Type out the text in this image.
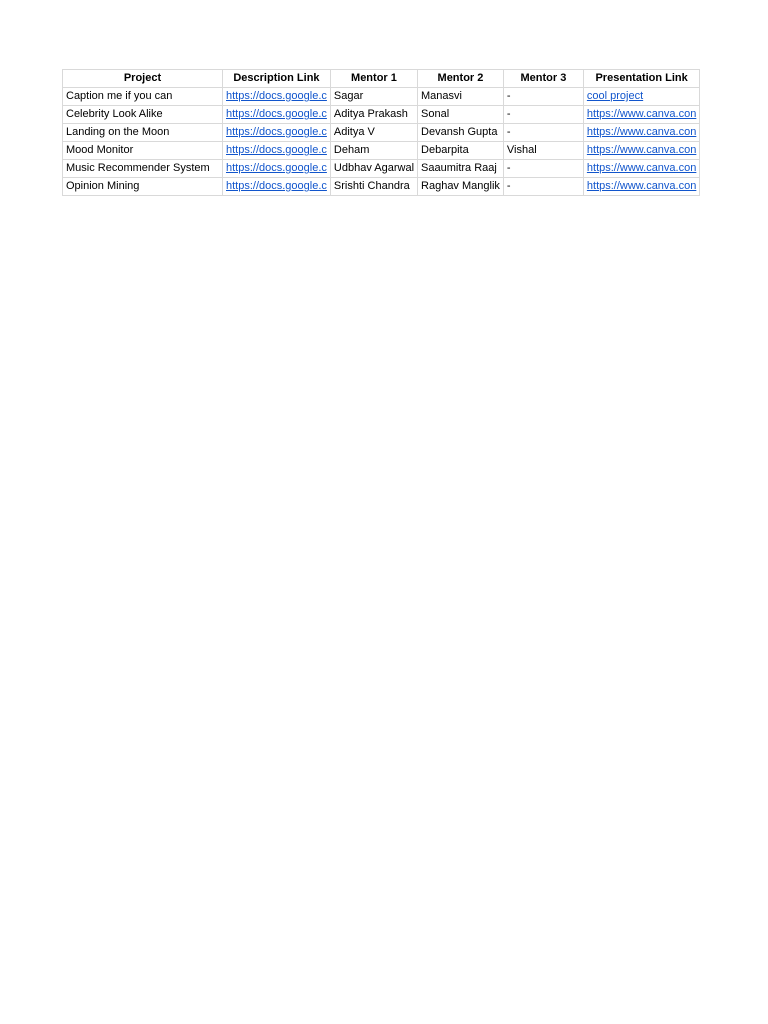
Project	Description Link	Mentor 1	Mentor 2	Mentor 3	Presentation Link
Caption me if you can	https://docs.google.c	Sagar	Manasvi	-	cool project
Celebrity Look Alike	https://docs.google.c	Aditya Prakash	Sonal	-	https://www.canva.con
Landing on the Moon	https://docs.google.c	Aditya V	Devansh Gupta	-	https://www.canva.con
Mood Monitor	https://docs.google.c	Deham	Debarpita	Vishal	https://www.canva.con
Music Recommender System	https://docs.google.c	Udbhav Agarwal	Saaumitra Raaj	-	https://www.canva.con
Opinion Mining	https://docs.google.c	Srishti Chandra	Raghav Manglik	-	https://www.canva.con
